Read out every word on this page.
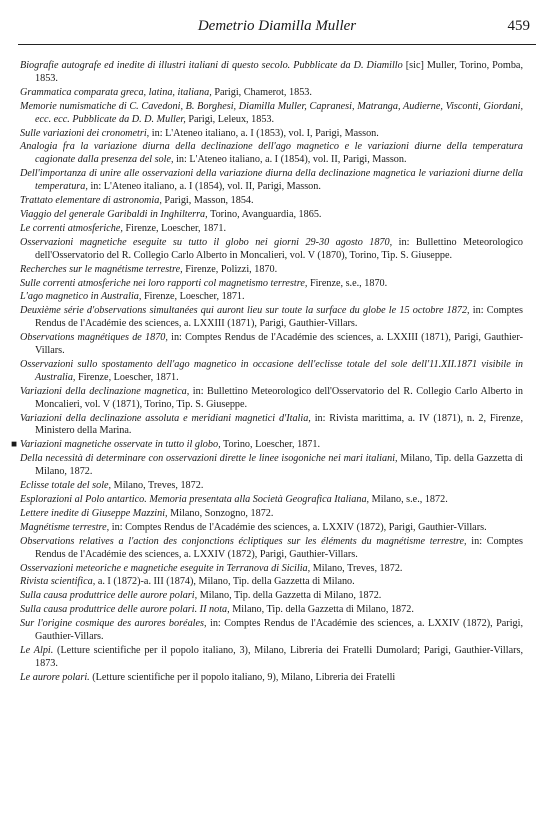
Demetrio Diamilla Muller	459

Biografie autografe ed inedite di illustri italiani di questo secolo. Pubblicate da D. Diamillo [sic] Muller, Torino, Pomba, 1853.

Grammatica comparata greca, latina, italiana, Parigi, Chamerot, 1853.

Memorie numismatiche di C. Cavedoni, B. Borghesi, Diamilla Muller, Capranesi, Matranga, Audierne, Visconti, Giordani, ecc. ecc. Pubblicate da D. D. Muller, Parigi, Leleux, 1853.

Sulle variazioni dei cronometri, in: L'Ateneo italiano, a. I (1853), vol. I, Parigi, Masson.

Analogia fra la variazione diurna della declinazione dell'ago magnetico e le variazioni diurne della temperatura cagionate dalla presenza del sole, in: L'Ateneo italiano, a. I (1854), vol. II, Parigi, Masson.

Dell'importanza di unire alle osservazioni della variazione diurna della declinazione magnetica le variazioni diurne della temperatura, in: L'Ateneo italiano, a. I (1854), vol. II, Parigi, Masson.

Trattato elementare di astronomia, Parigi, Masson, 1854.

Viaggio del generale Garibaldi in Inghilterra, Torino, Avanguardia, 1865.

Le correnti atmosferiche, Firenze, Loescher, 1871.

Osservazioni magnetiche eseguite su tutto il globo nei giorni 29-30 agosto 1870, in: Bullettino Meteorologico dell'Osservatorio del R. Collegio Carlo Alberto in Moncalieri, vol. V (1870), Torino, Tip. S. Giuseppe.

Recherches sur le magnétisme terrestre, Firenze, Polizzi, 1870.

Sulle correnti atmosferiche nei loro rapporti col magnetismo terrestre, Firenze, s.e., 1870.

L'ago magnetico in Australia, Firenze, Loescher, 1871.

Deuxième série d'observations simultanées qui auront lieu sur toute la surface du globe le 15 octobre 1872, in: Comptes Rendus de l'Académie des sciences, a. LXXIII (1871), Parigi, Gauthier-Villars.

Observations magnétiques de 1870, in: Comptes Rendus de l'Académie des sciences, a. LXXIII (1871), Parigi, Gauthier-Villars.

Osservazioni sullo spostamento dell'ago magnetico in occasione dell'eclisse totale del sole dell'11.XII.1871 visibile in Australia, Firenze, Loescher, 1871.

Variazioni della declinazione magnetica, in: Bullettino Meteorologico dell'Osservatorio del R. Collegio Carlo Alberto in Moncalieri, vol. V (1871), Torino, Tip. S. Giuseppe.

Variazioni della declinazione assoluta e meridiani magnetici d'Italia, in: Rivista marittima, a. IV (1871), n. 2, Firenze, Ministero della Marina.

■ Variazioni magnetiche osservate in tutto il globo, Torino, Loescher, 1871.

Della necessità di determinare con osservazioni dirette le linee isogoniche nei mari italiani, Milano, Tip. della Gazzetta di Milano, 1872.

Eclisse totale del sole, Milano, Treves, 1872.

Esplorazioni al Polo antartico. Memoria presentata alla Società Geografica Italiana, Milano, s.e., 1872.

Lettere inedite di Giuseppe Mazzini, Milano, Sonzogno, 1872.

Magnétisme terrestre, in: Comptes Rendus de l'Académie des sciences, a. LXXIV (1872), Parigi, Gauthier-Villars.

Observations relatives a l'action des conjonctions écliptiques sur les éléments du magnétisme terrestre, in: Comptes Rendus de l'Académie des sciences, a. LXXIV (1872), Parigi, Gauthier-Villars.

Osservazioni meteoriche e magnetiche eseguite in Terranova di Sicilia, Milano, Treves, 1872.

Rivista scientifica, a. I (1872)-a. III (1874), Milano, Tip. della Gazzetta di Milano.

Sulla causa produttrice delle aurore polari, Milano, Tip. della Gazzetta di Milano, 1872.

Sulla causa produttrice delle aurore polari. II nota, Milano, Tip. della Gazzetta di Milano, 1872.

Sur l'origine cosmique des aurores boréales, in: Comptes Rendus de l'Académie des sciences, a. LXXIV (1872), Parigi, Gauthier-Villars.

Le Alpi. (Letture scientifiche per il popolo italiano, 3), Milano, Libreria dei Fratelli Dumolard; Parigi, Gauthier-Villars, 1873.

Le aurore polari. (Letture scientifiche per il popolo italiano, 9), Milano, Libreria dei Fratelli
